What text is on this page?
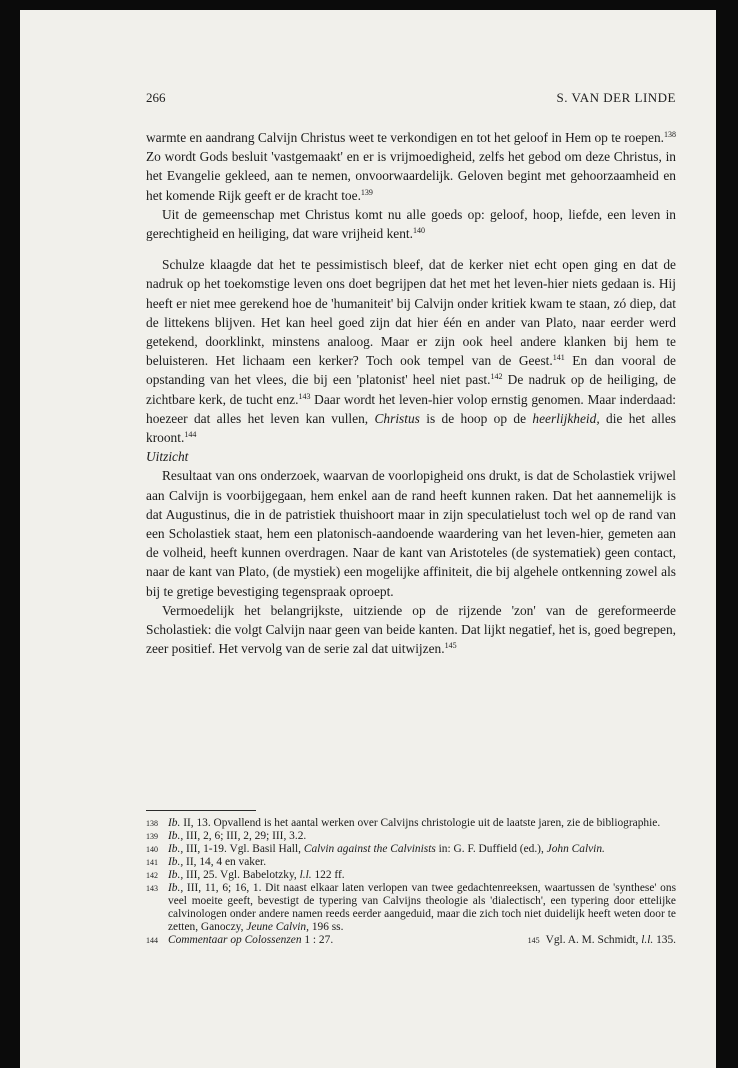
266	S. VAN DER LINDE

warmte en aandrang Calvijn Christus weet te verkondigen en tot het geloof in Hem op te roepen.$^{138}$ Zo wordt Gods besluit 'vastgemaakt' en er is vrijmoedigheid, zelfs het gebod om deze Christus, in het Evangelie gekleed, aan te nemen, onvoorwaardelijk. Geloven begint met gehoorzaamheid en het komende Rijk geeft er de kracht toe.$^{139}$

Uit de gemeenschap met Christus komt nu alle goeds op: geloof, hoop, liefde, een leven in gerechtigheid en heiliging, dat ware vrijheid kent.$^{140}$

Schulze klaagde dat het te pessimistisch bleef, dat de kerker niet echt open ging en dat de nadruk op het toekomstige leven ons doet begrijpen dat het met het leven-hier niets gedaan is. Hij heeft er niet mee gerekend hoe de 'humaniteit' bij Calvijn onder kritiek kwam te staan, zó diep, dat de littekens blijven. Het kan heel goed zijn dat hier één en ander van Plato, naar eerder werd getekend, doorklinkt, minstens analoog. Maar er zijn ook heel andere klanken bij hem te beluisteren. Het lichaam een kerker? Toch ook tempel van de Geest.$^{141}$ En dan vooral de opstanding van het vlees, die bij een 'platonist' heel niet past.$^{142}$ De nadruk op de heiliging, de zichtbare kerk, de tucht enz.$^{143}$ Daar wordt het leven-hier volop ernstig genomen. Maar inderdaad: hoezeer dat alles het leven kan vullen, Christus is de hoop op de heerlijkheid, die het alles kroont.$^{144}$

Uitzicht

Resultaat van ons onderzoek, waarvan de voorlopigheid ons drukt, is dat de Scholastiek vrijwel aan Calvijn is voorbijgegaan, hem enkel aan de rand heeft kunnen raken. Dat het aannemelijk is dat Augustinus, die in de patristiek thuishoort maar in zijn speculatielust toch wel op de rand van een Scholastiek staat, hem een platonisch-aandoende waardering van het leven-hier, gemeten aan de volheid, heeft kunnen overdragen. Naar de kant van Aristoteles (de systematiek) geen contact, naar de kant van Plato, (de mystiek) een mogelijke affiniteit, die bij algehele ontkenning zowel als bij te gretige bevestiging tegenspraak oproept.

Vermoedelijk het belangrijkste, uitziende op de rijzende 'zon' van de gereformeerde Scholastiek: die volgt Calvijn naar geen van beide kanten. Dat lijkt negatief, het is, goed begrepen, zeer positief. Het vervolg van de serie zal dat uitwijzen.$^{145}$

138 Ib. II, 13. Opvallend is het aantal werken over Calvijns christologie uit de laatste jaren, zie de bibliographie.
139 Ib., III, 2, 6; III, 2, 29; III, 3.2.
140 Ib., III, 1-19. Vgl. Basil Hall, Calvin against the Calvinists in: G. F. Duffield (ed.), John Calvin.
141 Ib., II, 14, 4 en vaker.
142 Ib., III, 25. Vgl. Babelotzky, l.l. 122 ff.
143 Ib., III, 11, 6; 16, 1. Dit naast elkaar laten verlopen van twee gedachtenreeksen, waartussen de 'synthese' ons veel moeite geeft, bevestigt de typering van Calvijns theologie als 'dialectisch', een typering door ettelijke calvinologen onder andere namen reeds eerder aangeduid, maar die zich toch niet duidelijk heeft weten door te zetten, Ganoczy, Jeune Calvin, 196 ss.
144 Commentaar op Colossenzen 1 : 27.	145 Vgl. A. M. Schmidt, l.l. 135.
